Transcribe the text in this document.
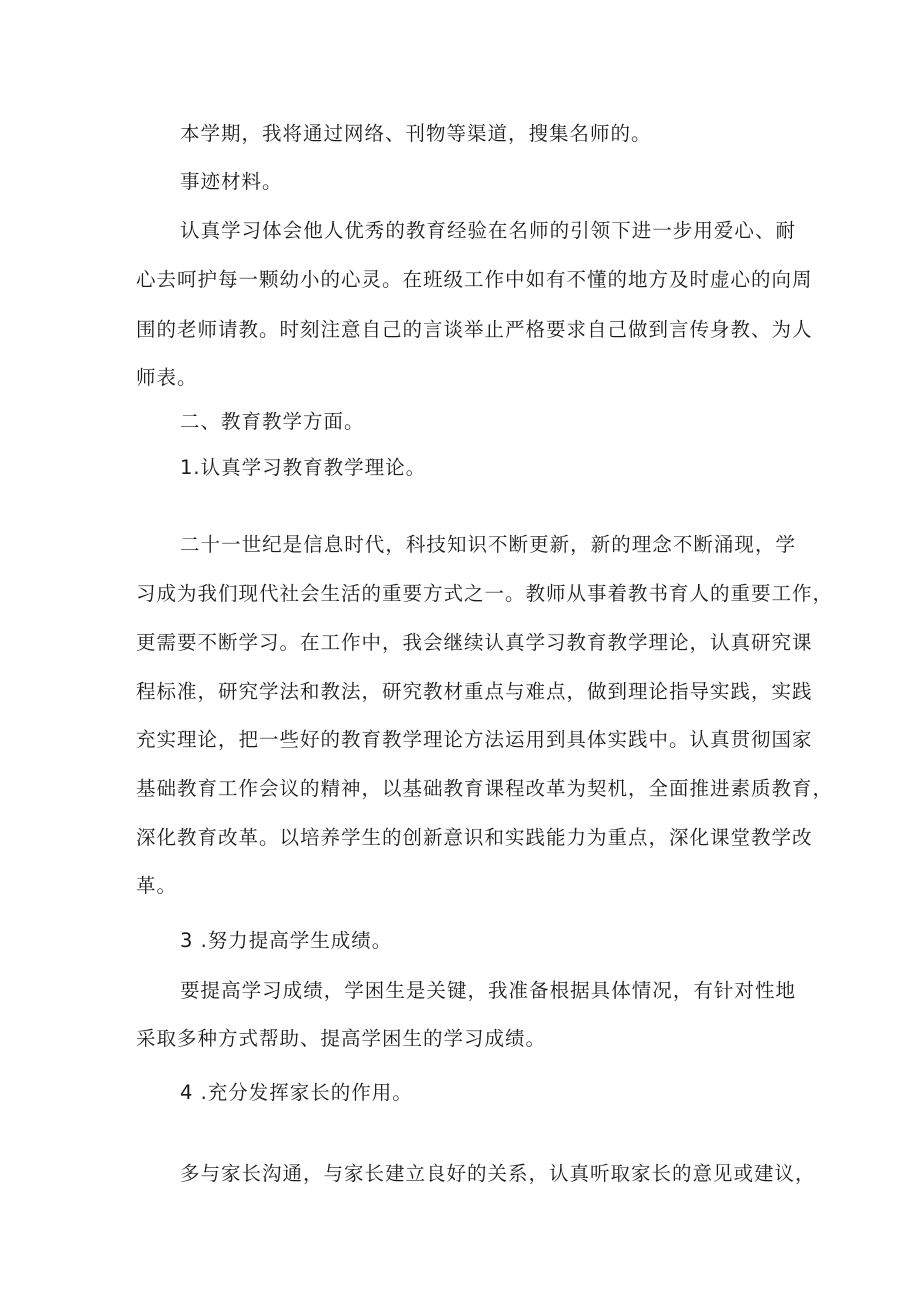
本学期，我将通过网络、刊物等渠道，搜集名师的。
事迹材料。
认真学习体会他人优秀的教育经验在名师的引领下进一步用爱心、耐
心去呵护每一颗幼小的心灵。在班级工作中如有不懂的地方及时虚心的向周
围的老师请教。时刻注意自己的言谈举止严格要求自己做到言传身教、为人
师表。
二、教育教学方面。
1.认真学习教育教学理论。
二十一世纪是信息时代，科技知识不断更新，新的理念不断涌现，学
习成为我们现代社会生活的重要方式之一。教师从事着教书育人的重要工作，
更需要不断学习。在工作中，我会继续认真学习教育教学理论，认真研究课
程标准，研究学法和教法，研究教材重点与难点，做到理论指导实践，实践
充实理论，把一些好的教育教学理论方法运用到具体实践中。认真贯彻国家
基础教育工作会议的精神，以基础教育课程改革为契机，全面推进素质教育，
深化教育改革。以培养学生的创新意识和实践能力为重点，深化课堂教学改
革。
3 .努力提高学生成绩。
要提高学习成绩，学困生是关键，我准备根据具体情况，有针对性地
采取多种方式帮助、提高学困生的学习成绩。
4 .充分发挥家长的作用。
多与家长沟通，与家长建立良好的关系，认真听取家长的意见或建议，
